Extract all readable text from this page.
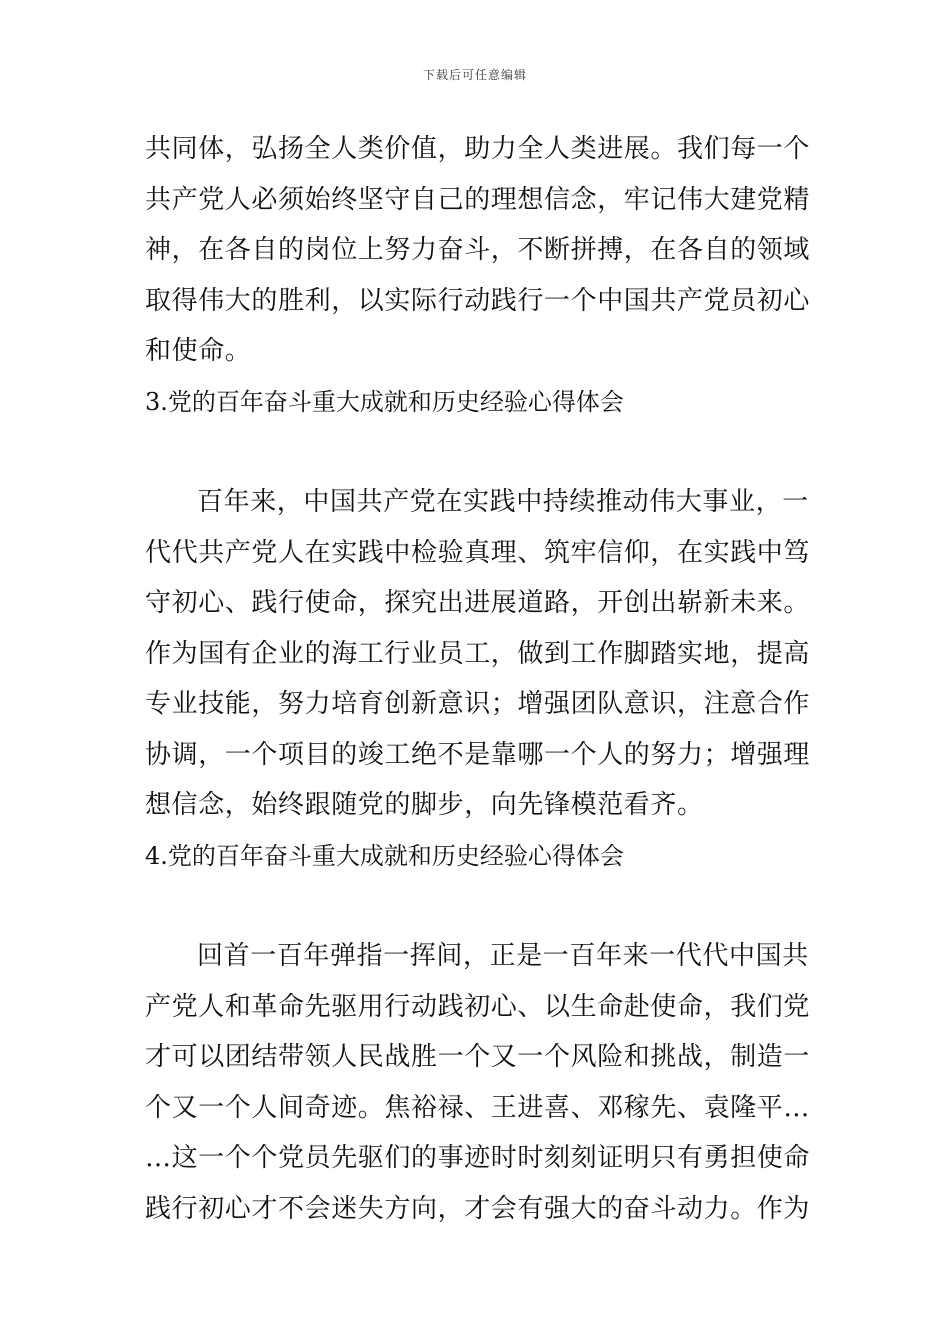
下载后可任意编辑
共同体，弘扬全人类价值，助力全人类进展。我们每一个
共产党人必须始终坚守自己的理想信念，牢记伟大建党精
神，在各自的岗位上努力奋斗，不断拼搏，在各自的领域
取得伟大的胜利，以实际行动践行一个中国共产党员初心
和使命。
3.党的百年奋斗重大成就和历史经验心得体会
百年来，中国共产党在实践中持续推动伟大事业，一
代代共产党人在实践中检验真理、筑牢信仰，在实践中笃
守初心、践行使命，探究出进展道路，开创出崭新未来。
作为国有企业的海工行业员工，做到工作脚踏实地，提高
专业技能，努力培育创新意识；增强团队意识，注意合作
协调，一个项目的竣工绝不是靠哪一个人的努力；增强理
想信念，始终跟随党的脚步，向先锋模范看齐。
4.党的百年奋斗重大成就和历史经验心得体会
回首一百年弹指一挥间，正是一百年来一代代中国共
产党人和革命先驱用行动践初心、以生命赴使命，我们党
才可以团结带领人民战胜一个又一个风险和挑战，制造一
个又一个人间奇迹。焦裕禄、王进喜、邓稼先、袁隆平…
…这一个个党员先驱们的事迹时时刻刻证明只有勇担使命
践行初心才不会迷失方向，才会有强大的奋斗动力。作为
